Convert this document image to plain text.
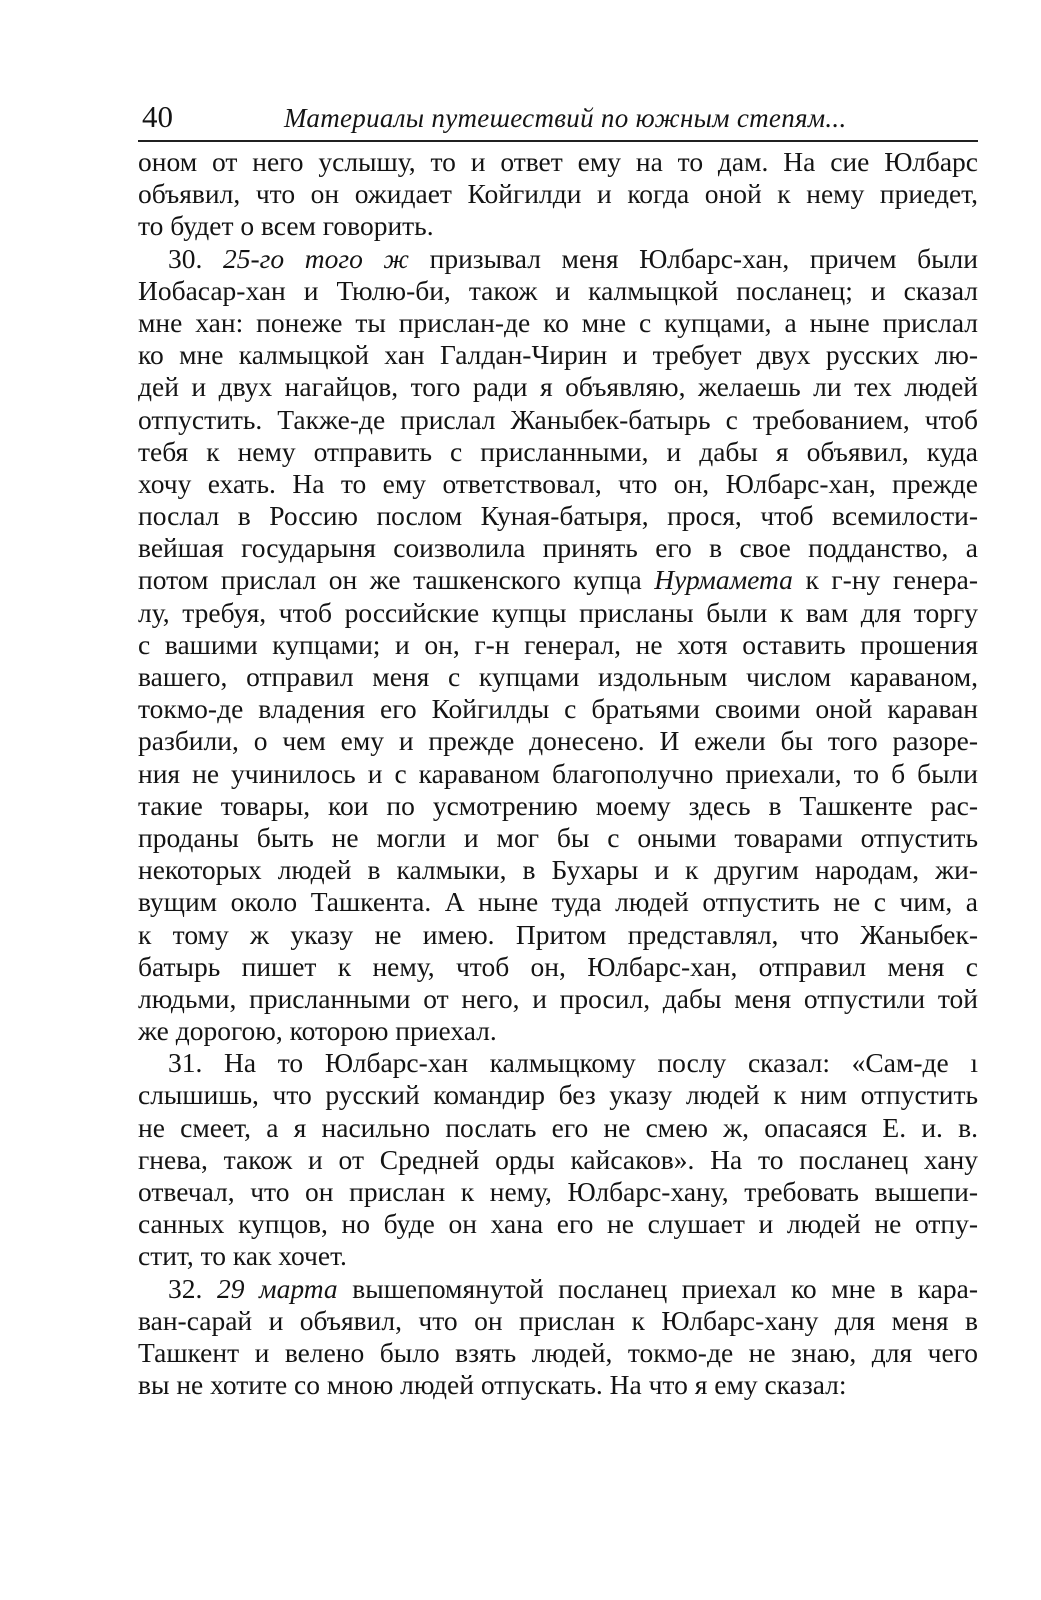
40	Материалы путешествий по южным степям...
оном от него услышу, то и ответ ему на то дам. На сие Юлбарс
объявил, что он ожидает Койгилди и когда оной к нему приедет,
то будет о всем говорить.
30. 25-го того ж призывал меня Юлбарс-хан, причем были
Иобасар-хан и Тюлю-би, також и калмыцкой посланец; и сказал
мне хан: понеже ты прислан-де ко мне с купцами, а ныне прислал
ко мне калмыцкой хан Галдан-Чирин и требует двух русских лю-
дей и двух нагайцов, того ради я объявляю, желаешь ли тех людей
отпустить. Также-де прислал Жаныбек-батырь с требованием, чтоб
тебя к нему отправить с присланными, и дабы я объявил, куда
хочу ехать. На то ему ответствовал, что он, Юлбарс-хан, прежде
послал в Россию послом Куная-батыря, прося, чтоб всемилости-
вейшая государыня соизволила принять его в свое подданство, а
потом прислал он же ташкенского купца Нурмамета к г-ну генера-
лу, требуя, чтоб российские купцы присланы были к вам для торгу
с вашими купцами; и он, г-н генерал, не хотя оставить прошения
вашего, отправил меня с купцами издольным числом караваном,
токмо-де владения его Койгилды с братьями своими оной караван
разбили, о чем ему и прежде донесено. И ежели бы того разоре-
ния не учинилось и с караваном благополучно приехали, то б были
такие товары, кои по усмотрению моему здесь в Ташкенте рас-
проданы быть не могли и мог бы с оными товарами отпустить
некоторых людей в калмыки, в Бухары и к другим народам, жи-
вущим около Ташкента. А ныне туда людей отпустить не с чим, а
к тому ж указу не имею. Притом представлял, что Жаныбек-
батырь пишет к нему, чтоб он, Юлбарс-хан, отправил меня с
людьми, присланными от него, и просил, дабы меня отпустили той
же дорогою, которою приехал.
31. На то Юлбарс-хан калмыцкому послу сказал: «Сам-де ı
слышишь, что русский командир без указу людей к ним отпустить
не смеет, а я насильно послать его не смею ж, опасаяся Е. и. в.
гнева, також и от Средней орды кайсаков». На то посланец хану
отвечал, что он прислан к нему, Юлбарс-хану, требовать вышепи-
санных купцов, но буде он хана его не слушает и людей не отпу-
стит, то как хочет.
32. 29 марта вышепомянутой посланец приехал ко мне в кара-
ван-сарай и объявил, что он прислан к Юлбарс-хану для меня в
Ташкент и велено было взять людей, токмо-де не знаю, для чего
вы не хотите со мною людей отпускать. На что я ему сказал:
